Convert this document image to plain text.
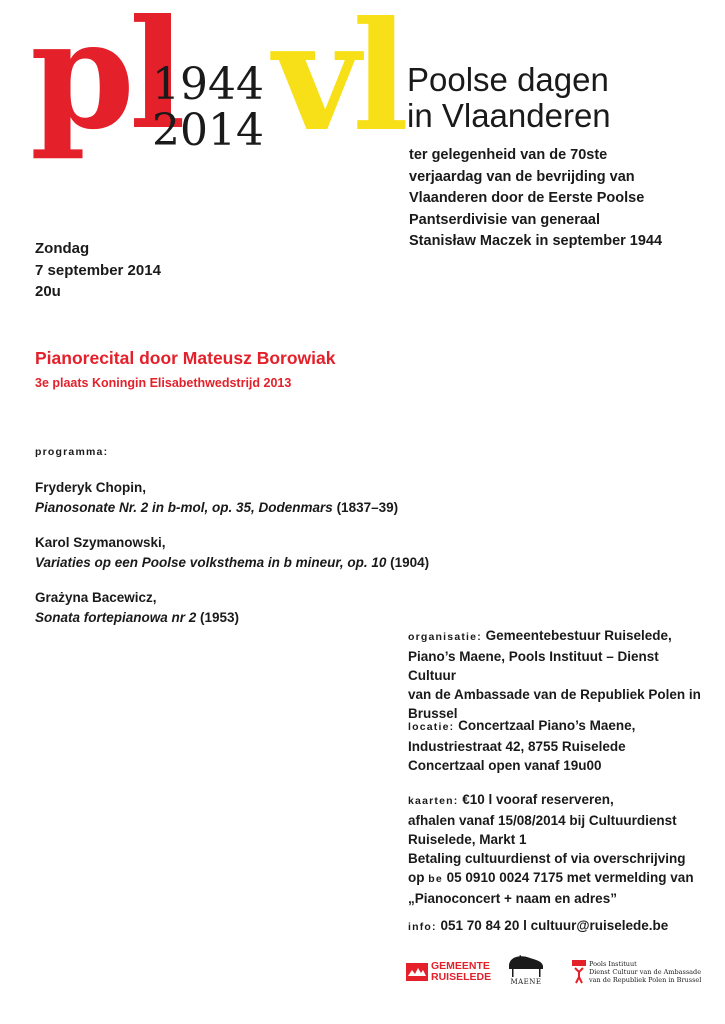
pl
1944
2014 vl Poolse dagen
in Vlaanderen
ter gelegenheid van de 70ste
verjaardag van de bevrijding van
Vlaanderen door de Eerste Poolse
Pantserdivisie van generaal
Stanisław Maczek in september 1944
Zondag
7 september 2014
20u
Pianorecital door Mateusz Borowiak
3e plaats Koningin Elisabethwedstrijd 2013
programma:
Fryderyk Chopin,
Pianosonate Nr. 2 in b-mol, op. 35, Dodenmars (1837–39)
Karol Szymanowski,
Variaties op een Poolse volksthema in b mineur, op. 10 (1904)
Grażyna Bacewicz,
Sonata fortepianowa nr 2 (1953)
organisatie: Gemeentebestuur Ruiselede,
Piano’s Maene, Pools Instituut – Dienst Cultuur
van de Ambassade van de Republiek Polen in
Brussel
locatie: Concertzaal Piano’s Maene,
Industriestraat 42, 8755 Ruiselede
Concertzaal open vanaf 19u00
kaarten: €10 l vooraf reserveren,
afhalen vanaf 15/08/2014 bij Cultuurdienst
Ruiselede, Markt 1
Betaling cultuurdienst of via overschrijving
op be 05 0910 0024 7175 met vermelding van
„Pianoconcert + naam en adres”
info: 051 70 84 20 l cultuur@ruiselede.be
GEMEENTE
RUISELEDE	MAENE
Pools Instituut
Dienst Cultuur van de Ambassade
van de Republiek Polen in Brussel
